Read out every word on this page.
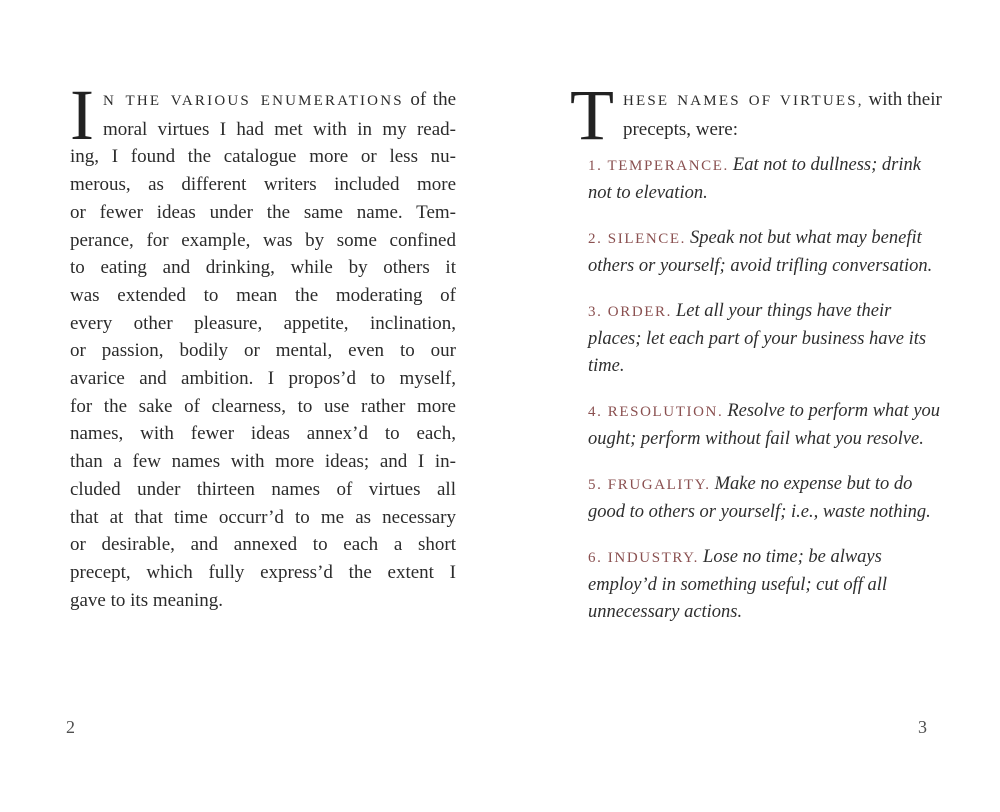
I N THE VARIOUS ENUMERATIONS of the
moral virtues I had met with in my read-
ing, I found the catalogue more or less nu-
merous, as different writers included more
or fewer ideas under the same name. Tem-
perance, for example, was by some confined
to eating and drinking, while by others it
was extended to mean the moderating of
every other pleasure, appetite, inclination,
or passion, bodily or mental, even to our
avarice and ambition. I propos’d to myself,
for the sake of clearness, to use rather more
names, with fewer ideas annex’d to each,
than a few names with more ideas; and I in-
cluded under thirteen names of virtues all
that at that time occurr’d to me as necessary
or desirable, and annexed to each a short
precept, which fully express’d the extent I
gave to its meaning.
2
T HESE NAMES OF VIRTUES, with their
precepts, were:
1. TEMPERANCE. Eat not to dullness; drink
not to elevation.
2. SILENCE. Speak not but what may benefit
others or yourself; avoid trifling conversation.
3. ORDER. Let all your things have their
places; let each part of your business have its
time.
4. RESOLUTION. Resolve to perform what you
ought; perform without fail what you resolve.
5. FRUGALITY. Make no expense but to do
good to others or yourself; i.e., waste nothing.
6. INDUSTRY. Lose no time; be always
employ’d in something useful; cut off all
unnecessary actions.
3
